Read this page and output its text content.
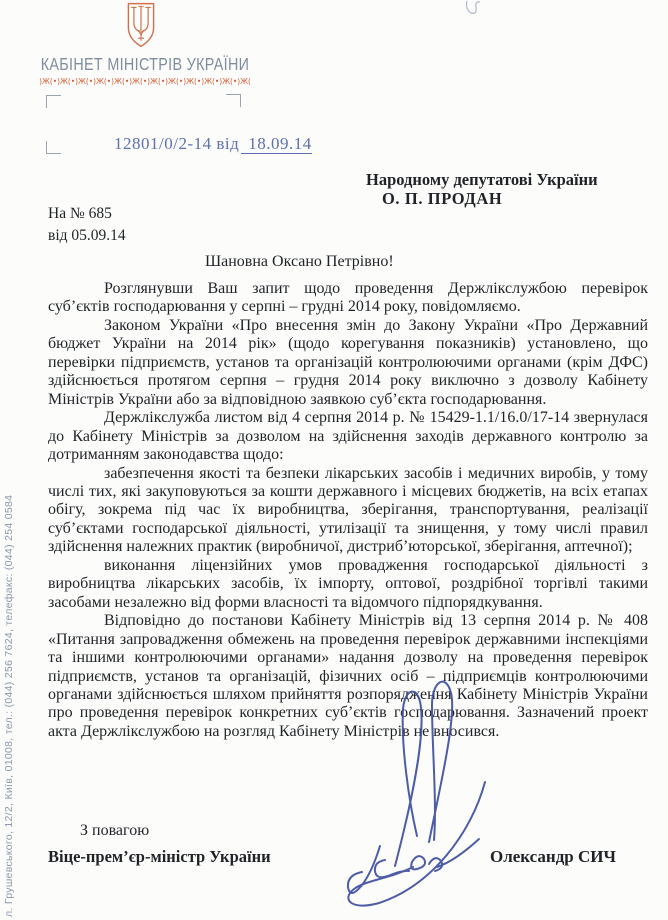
л. Грушевського, 12/2, Київ, 01008, тел.: (044) 256 7624, телефакс: (044) 254 0584
КАБІНЕТ МІНІСТРІВ УКРАЇНИ
)Ж(•)Ж(•)Ж(•)Ж(•)Ж(•)Ж(•)Ж(•)Ж(•)Ж(•)Ж(•)Ж(•)Ж(
12801/0/2-14 від 18.09.14
Народному депутатові України
О. П. ПРОДАН
На № 685
від 05.09.14
Шановна Оксано Петрівно!

Розглянувши Ваш запит щодо проведення Держлікслужбою перевірок суб’єктів господарювання у серпні – грудні 2014 року, повідомляємо.

Законом України «Про внесення змін до Закону України «Про Державний бюджет України на 2014 рік» (щодо корегування показників) установлено, що перевірки підприємств, установ та організацій контролюючими органами (крім ДФС) здійснюється протягом серпня – грудня 2014 року виключно з дозволу Кабінету Міністрів України або за відповідною заявкою суб’єкта господарювання.

Держлікслужба листом від 4 серпня 2014 р. № 15429-1.1/16.0/17-14 звернулася до Кабінету Міністрів за дозволом на здійснення заходів державного контролю за дотриманням законодавства щодо:

забезпечення якості та безпеки лікарських засобів і медичних виробів, у тому числі тих, які закуповуються за кошти державного і місцевих бюджетів, на всіх етапах обігу, зокрема під час їх виробництва, зберігання, транспортування, реалізації суб’єктами господарської діяльності, утилізації та знищення, у тому числі правил здійснення належних практик (виробничої, дистриб’юторської, зберігання, аптечної);

виконання ліцензійних умов провадження господарської діяльності з виробництва лікарських засобів, їх імпорту, оптової, роздрібної торгівлі такими засобами незалежно від форми власності та відомчого підпорядкування.

Відповідно до постанови Кабінету Міністрів від 13 серпня 2014 р. № 408 «Питання запровадження обмежень на проведення перевірок державними інспекціями та іншими контролюючими органами» надання дозволу на проведення перевірок підприємств, установ та організацій, фізичних осіб – підприємців контролюючими органами здійснюється шляхом прийняття розпорядження Кабінету Міністрів України про проведення перевірок конкретних суб’єктів господарювання. Зазначений проект акта Держлікслужбою на розгляд Кабінету Міністрів не вносився.

З повагою
Віце-прем’єр-міністр України	Олександр СИЧ
